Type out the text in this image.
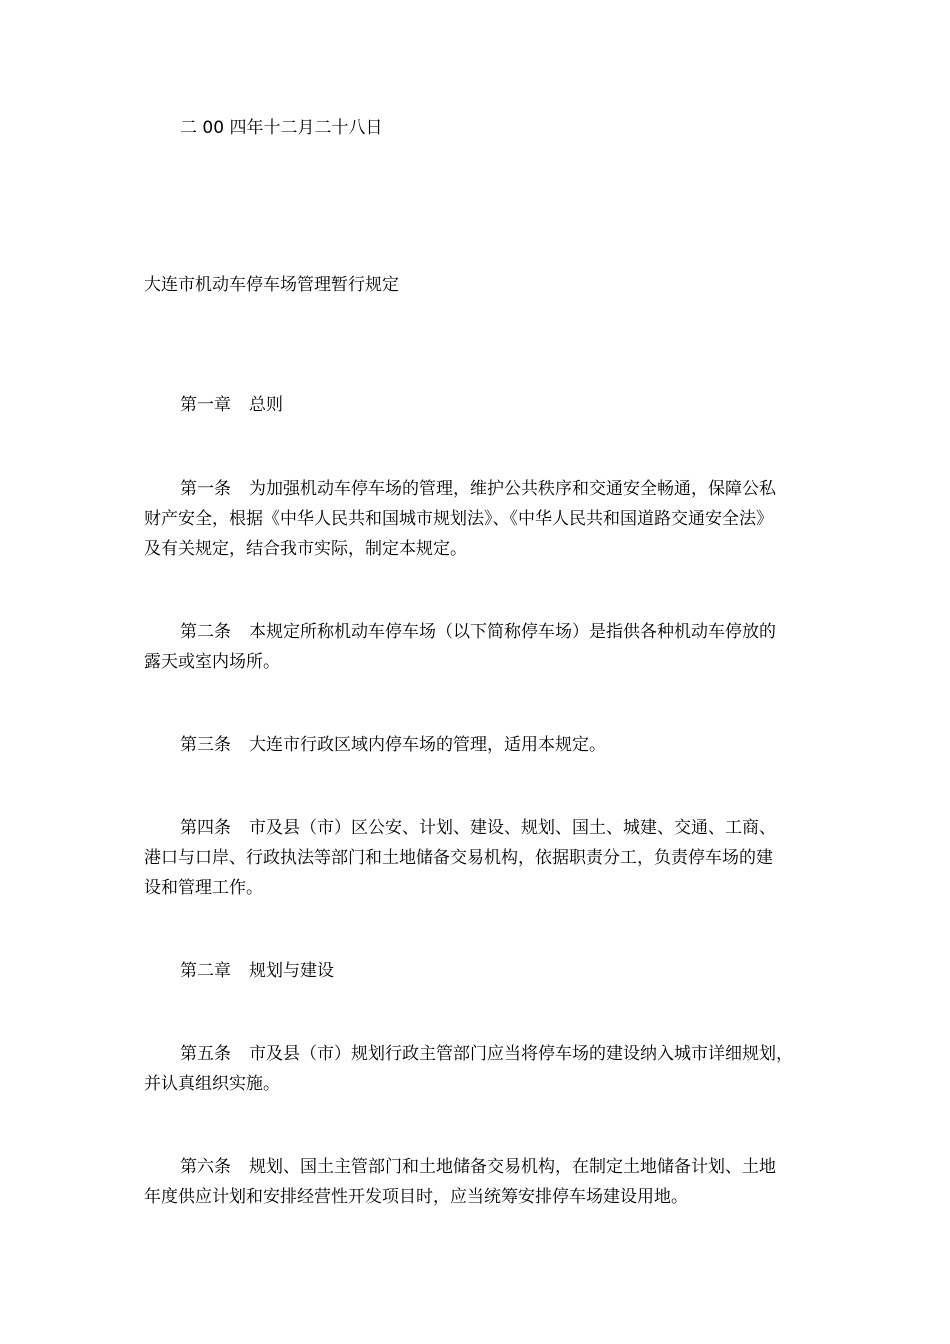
二 00 四年十二月二十八日
大连市机动车停车场管理暂行规定
第一章 总则
第一条 为加强机动车停车场的管理，维护公共秩序和交通安全畅通，保障公私
财产安全，根据《中华人民共和国城市规划法》、《中华人民共和国道路交通安全法》
及有关规定，结合我市实际，制定本规定。
第二条 本规定所称机动车停车场（以下简称停车场）是指供各种机动车停放的
露天或室内场所。
第三条 大连市行政区域内停车场的管理，适用本规定。
第四条 市及县（市）区公安、计划、建设、规划、国土、城建、交通、工商、
港口与口岸、行政执法等部门和土地储备交易机构，依据职责分工，负责停车场的建
设和管理工作。
第二章 规划与建设
第五条 市及县（市）规划行政主管部门应当将停车场的建设纳入城市详细规划，
并认真组织实施。
第六条 规划、国土主管部门和土地储备交易机构，在制定土地储备计划、土地
年度供应计划和安排经营性开发项目时，应当统筹安排停车场建设用地。
